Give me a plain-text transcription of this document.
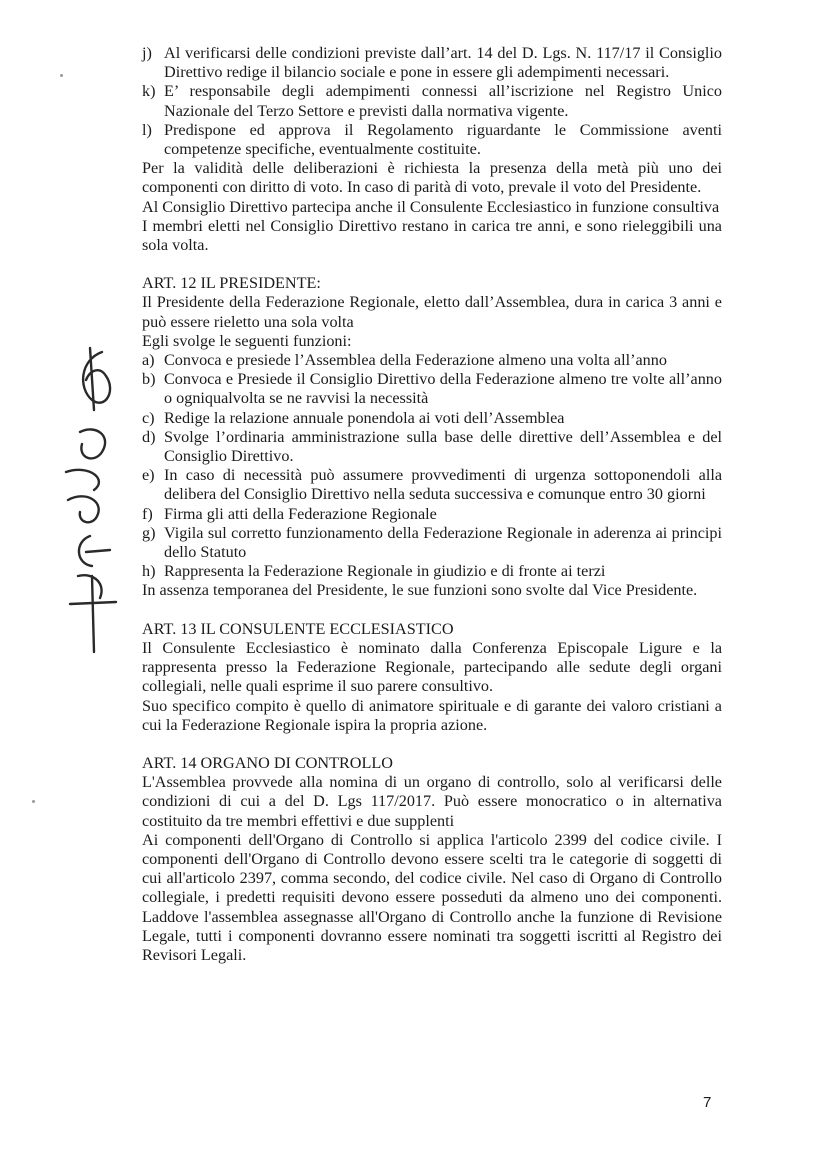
j) Al verificarsi delle condizioni previste dall’art. 14 del D. Lgs. N. 117/17 il Consiglio Direttivo redige il bilancio sociale e pone in essere gli adempimenti necessari.
k) E’ responsabile degli adempimenti connessi all’iscrizione nel Registro Unico Nazionale del Terzo Settore e previsti dalla normativa vigente.
l) Predispone ed approva il Regolamento riguardante le Commissione aventi competenze specifiche, eventualmente costituite.

Per la validità delle deliberazioni è richiesta la presenza della metà più uno dei componenti con diritto di voto. In caso di parità di voto, prevale il voto del Presidente.

Al Consiglio Direttivo partecipa anche il Consulente Ecclesiastico in funzione consultiva

I membri eletti nel Consiglio Direttivo restano in carica tre anni, e sono rieleggibili una sola volta.

ART. 12 IL PRESIDENTE:

Il Presidente della Federazione Regionale, eletto dall’Assemblea, dura in carica 3 anni e può essere rieletto una sola volta

Egli svolge le seguenti funzioni:

a) Convoca e presiede l’Assemblea della Federazione almeno una volta all’anno
b) Convoca e Presiede il Consiglio Direttivo della Federazione almeno tre volte all’anno o ogniqualvolta se ne ravvisi la necessità
c) Redige la relazione annuale ponendola ai voti dell’Assemblea
d) Svolge l’ordinaria amministrazione sulla base delle direttive dell’Assemblea e del Consiglio Direttivo.
e) In caso di necessità può assumere provvedimenti di urgenza sottoponendoli alla delibera del Consiglio Direttivo nella seduta successiva e comunque entro 30 giorni
f) Firma gli atti della Federazione Regionale
g) Vigila sul corretto funzionamento della Federazione Regionale in aderenza ai principi dello Statuto
h) Rappresenta la Federazione Regionale in giudizio e di fronte ai terzi

In assenza temporanea del Presidente, le sue funzioni sono svolte dal Vice Presidente.

ART. 13 IL CONSULENTE ECCLESIASTICO

Il Consulente Ecclesiastico è nominato dalla Conferenza Episcopale Ligure e la rappresenta presso la Federazione Regionale, partecipando alle sedute degli organi collegiali, nelle quali esprime il suo parere consultivo.

Suo specifico compito è quello di animatore spirituale e di garante dei valoro cristiani a cui la Federazione Regionale ispira la propria azione.

ART. 14 ORGANO DI CONTROLLO

L'Assemblea provvede alla nomina di un organo di controllo, solo al verificarsi delle condizioni di cui a del D. Lgs 117/2017. Può essere monocratico o in alternativa costituito da tre membri effettivi e due supplenti

Ai componenti dell'Organo di Controllo si applica l'articolo 2399 del codice civile. I componenti dell'Organo di Controllo devono essere scelti tra le categorie di soggetti di cui all'articolo 2397, comma secondo, del codice civile. Nel caso di Organo di Controllo collegiale, i predetti requisiti devono essere posseduti da almeno uno dei componenti. Laddove l'assemblea assegnasse all'Organo di Controllo anche la funzione di Revisione Legale, tutti i componenti dovranno essere nominati tra soggetti iscritti al Registro dei Revisori Legali.

7
